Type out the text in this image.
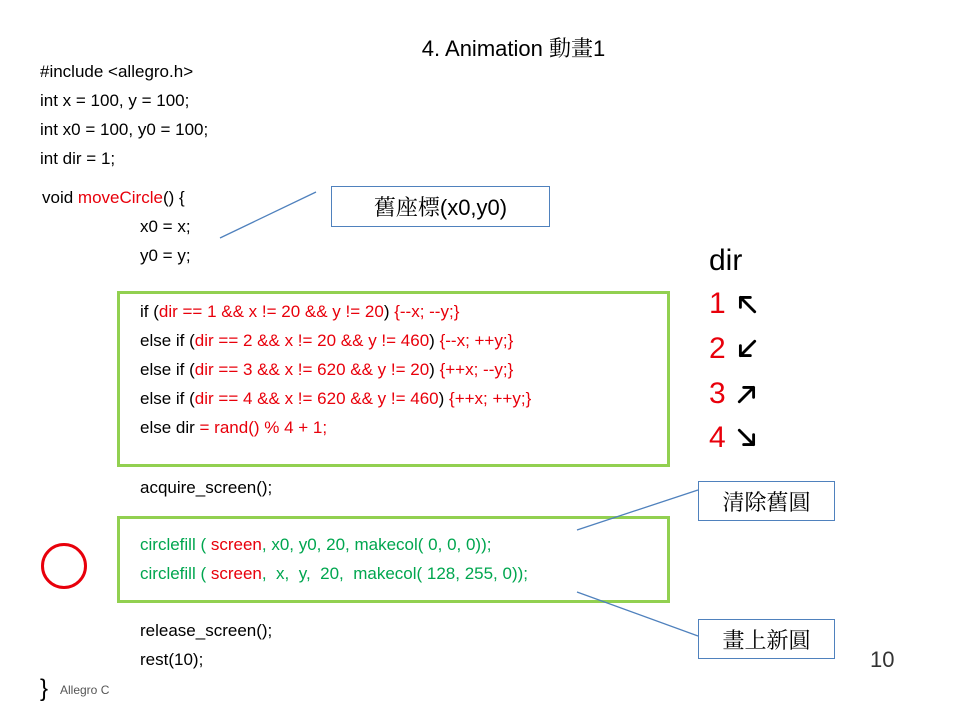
4. Animation 動畫1
#include <allegro.h>
int x = 100, y = 100;
int x0 = 100, y0 = 100;
int dir = 1;
void moveCircle() {
x0 = x;
y0 = y;
if (dir == 1 && x != 20 && y != 20) {--x; --y;}
else if (dir == 2 && x != 20 && y != 460) {--x; ++y;}
else if (dir == 3 && x != 620 && y != 20) {++x; --y;}
else if (dir == 4 && x != 620 && y != 460) {++x; ++y;}
else dir = rand() % 4 + 1;
acquire_screen();
circlefill ( screen, x0, y0, 20, makecol( 0, 0, 0));
circlefill ( screen,  x,  y,  20,  makecol( 128, 255, 0));
release_screen();
rest(10);
} Allegro C
舊座標(x0,y0)
清除舊圓
畫上新圓
dir
1
2
3
4
10
